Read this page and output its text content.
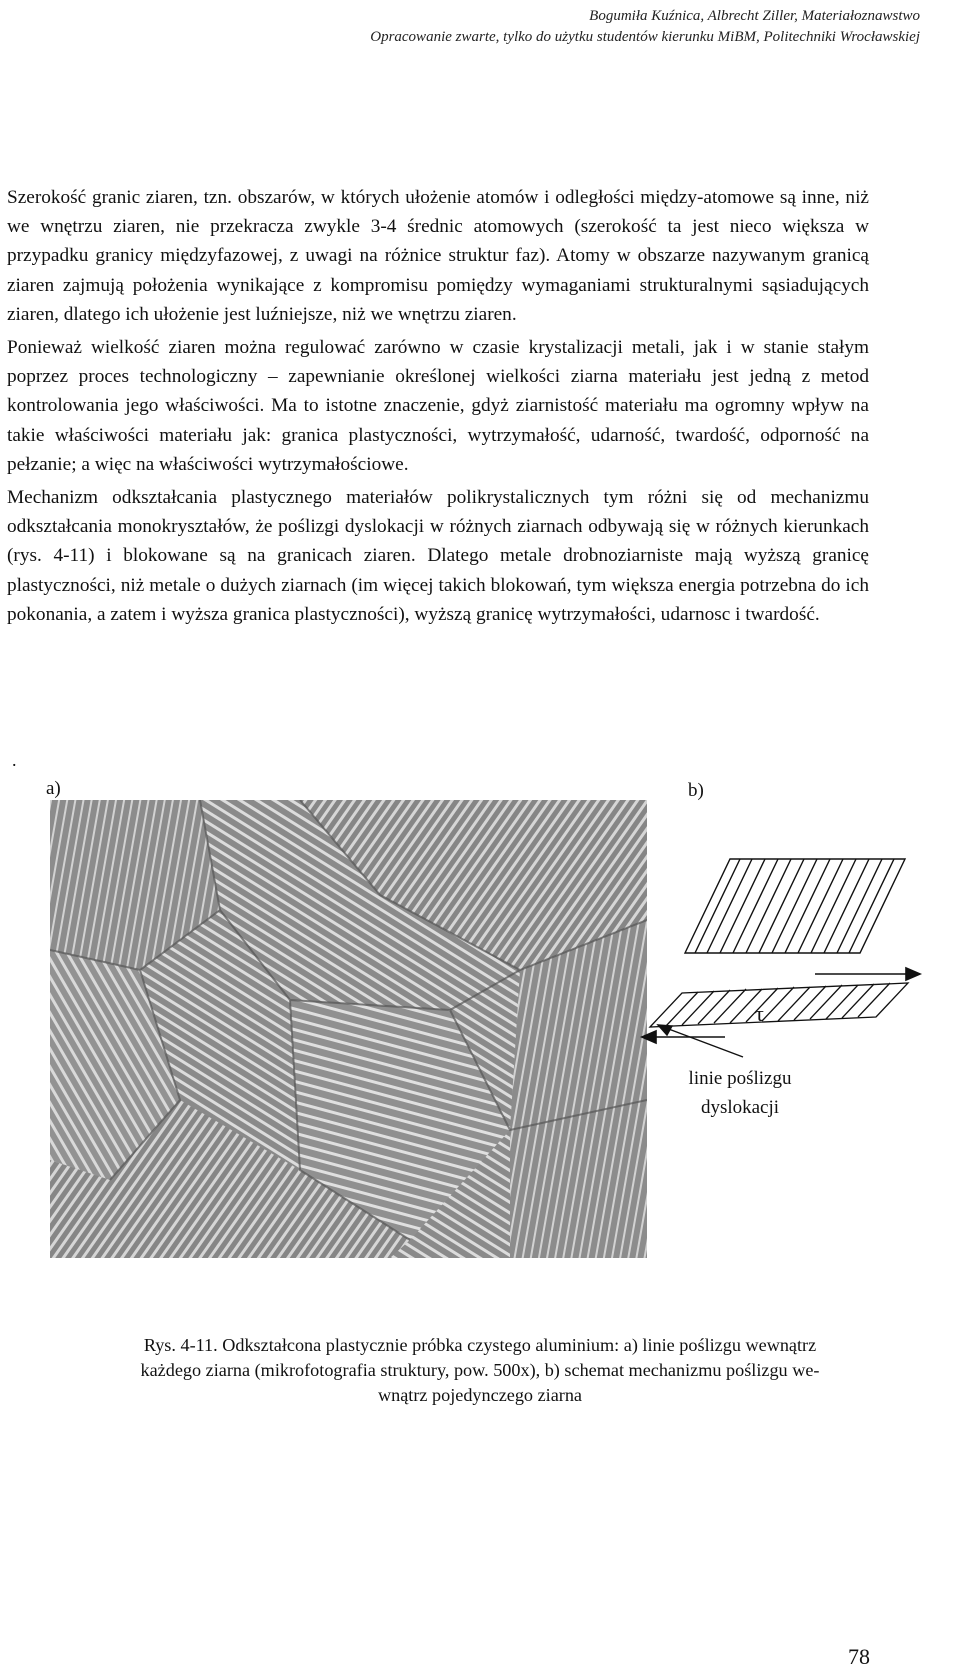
Bogumiła Kuźnica, Albrecht Ziller, Materiałoznawstwo
Opracowanie zwarte, tylko do użytku studentów kierunku MiBM, Politechniki Wrocławskiej

Szerokość granic ziaren, tzn. obszarów, w których ułożenie atomów i odległości między-atomowe są inne, niż we wnętrzu ziaren, nie przekracza zwykle 3-4 średnic atomowych (szerokość ta jest nieco większa w przypadku granicy międzyfazowej, z uwagi na różnice struktur faz). Atomy w obszarze nazywanym granicą ziaren zajmują położenia wynikające z kompromisu pomiędzy wymaganiami strukturalnymi sąsiadujących ziaren, dlatego ich ułożenie jest luźniejsze, niż we wnętrzu ziaren.

Ponieważ wielkość ziaren można regulować zarówno w czasie krystalizacji metali, jak i w stanie stałym poprzez proces technologiczny – zapewnianie określonej wielkości ziarna materiału jest jedną z metod kontrolowania jego właściwości. Ma to istotne znaczenie, gdyż ziarnistość materiału ma ogromny wpływ na takie właściwości materiału jak: granica plastyczności, wytrzymałość, udarność, twardość, odporność na pełzanie; a więc na właściwości wytrzymałościowe.

Mechanizm odkształcania plastycznego materiałów polikrystalicznych tym różni się od mechanizmu odkształcania monokryształów, że poślizgi dyslokacji w różnych ziarnach odbywają się w różnych kierunkach (rys. 4-11) i blokowane są na granicach ziaren. Dlatego metale drobnoziarniste mają wyższą granicę plastyczności, niż metale o dużych ziarnach (im więcej takich blokowań, tym większa energia potrzebna do ich pokonania, a zatem i wyższa granica plastyczności), wyższą granicę wytrzymałości, udarnosc i twardość.

.
a)	b)
τ
linie poślizgu
dyslokacji
Rys. 4-11. Odkształcona plastycznie próbka czystego aluminium: a) linie poślizgu wewnątrz
każdego ziarna (mikrofotografia struktury, pow. 500x), b) schemat mechanizmu poślizgu we-
wnątrz pojedynczego ziarna
78
